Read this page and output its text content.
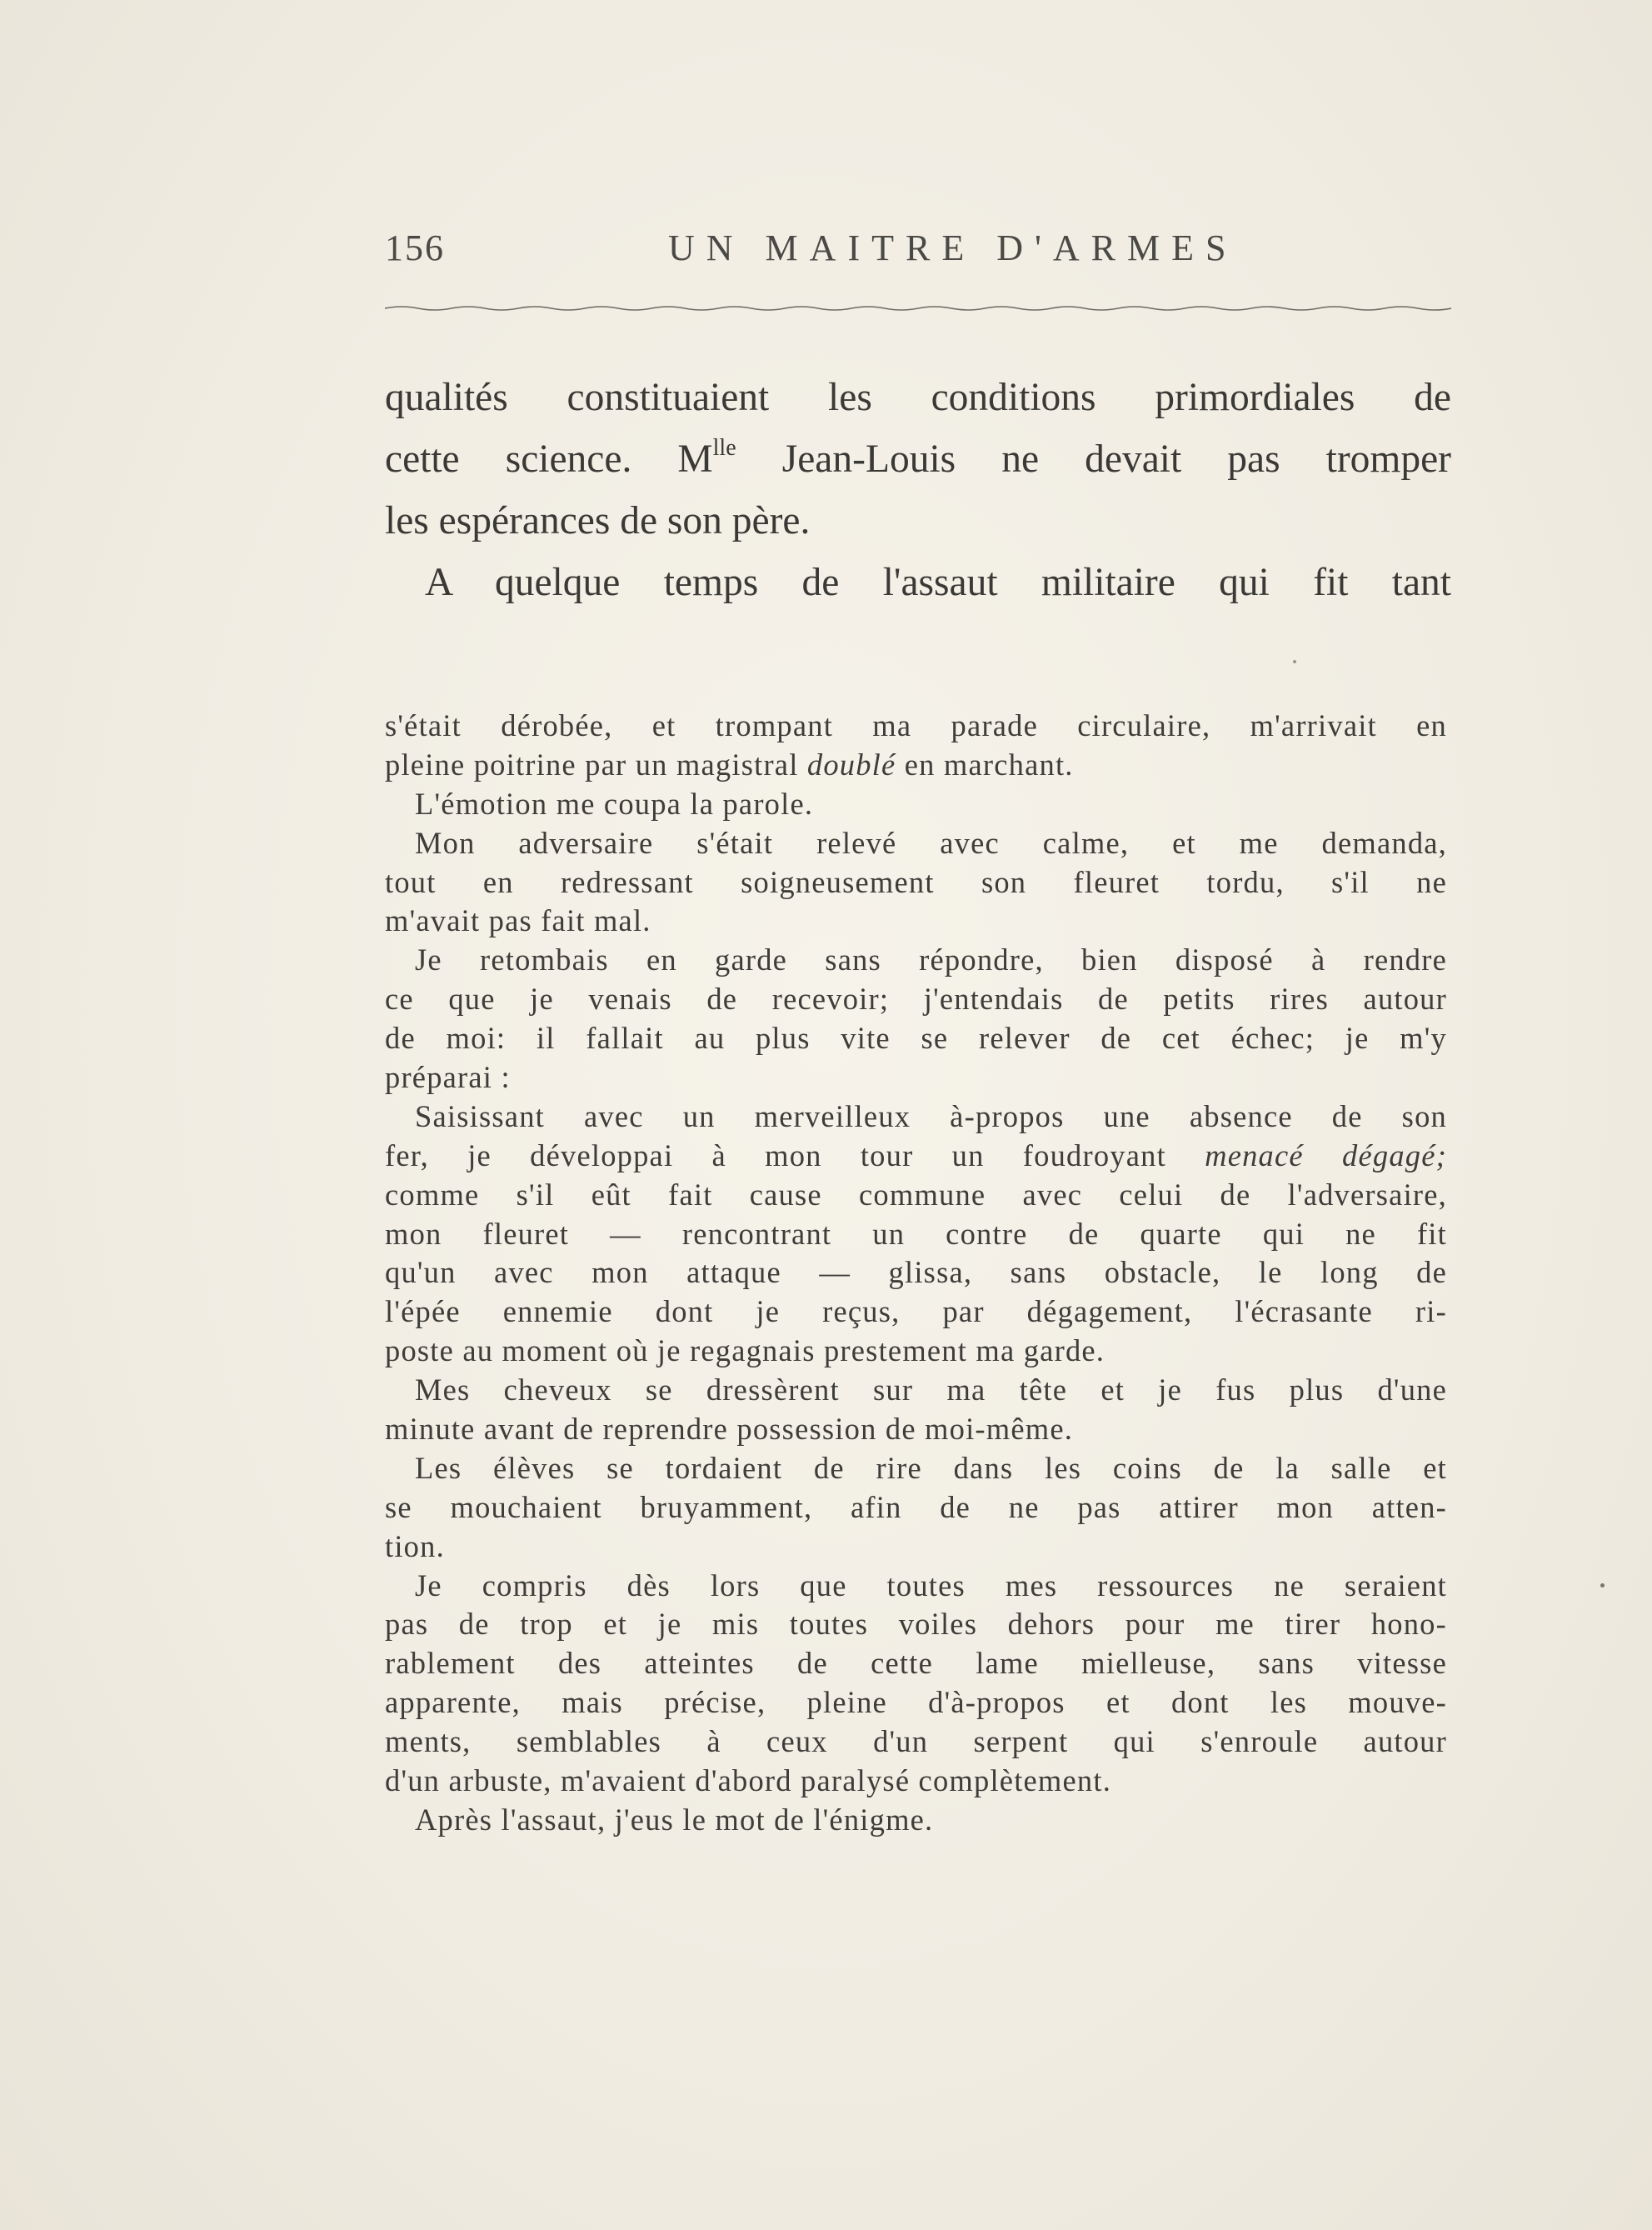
156	UN MAITRE D'ARMES
qualités constituaient les conditions primordiales de
cette science. $M^{lle}$ Jean-Louis ne devait pas tromper
les espérances de son père.
A quelque temps de l'assaut militaire qui fit tant
s'était dérobée, et trompant ma parade circulaire, m'arrivait en
pleine poitrine par un magistral doublé en marchant.
L'émotion me coupa la parole.
Mon adversaire s'était relevé avec calme, et me demanda,
tout en redressant soigneusement son fleuret tordu, s'il ne
m'avait pas fait mal.
Je retombais en garde sans répondre, bien disposé à rendre
ce que je venais de recevoir; j'entendais de petits rires autour
de moi: il fallait au plus vite se relever de cet échec; je m'y
préparai :
Saisissant avec un merveilleux à-propos une absence de son
fer, je développai à mon tour un foudroyant menacé dégagé;
comme s'il eût fait cause commune avec celui de l'adversaire,
mon fleuret — rencontrant un contre de quarte qui ne fit
qu'un avec mon attaque — glissa, sans obstacle, le long de
l'épée ennemie dont je reçus, par dégagement, l'écrasante ri-
poste au moment où je regagnais prestement ma garde.
Mes cheveux se dressèrent sur ma tête et je fus plus d'une
minute avant de reprendre possession de moi-même.
Les élèves se tordaient de rire dans les coins de la salle et
se mouchaient bruyamment, afin de ne pas attirer mon atten-
tion.
Je compris dès lors que toutes mes ressources ne seraient
pas de trop et je mis toutes voiles dehors pour me tirer hono-
rablement des atteintes de cette lame mielleuse, sans vitesse
apparente, mais précise, pleine d'à-propos et dont les mouve-
ments, semblables à ceux d'un serpent qui s'enroule autour
d'un arbuste, m'avaient d'abord paralysé complètement.
Après l'assaut, j'eus le mot de l'énigme.
